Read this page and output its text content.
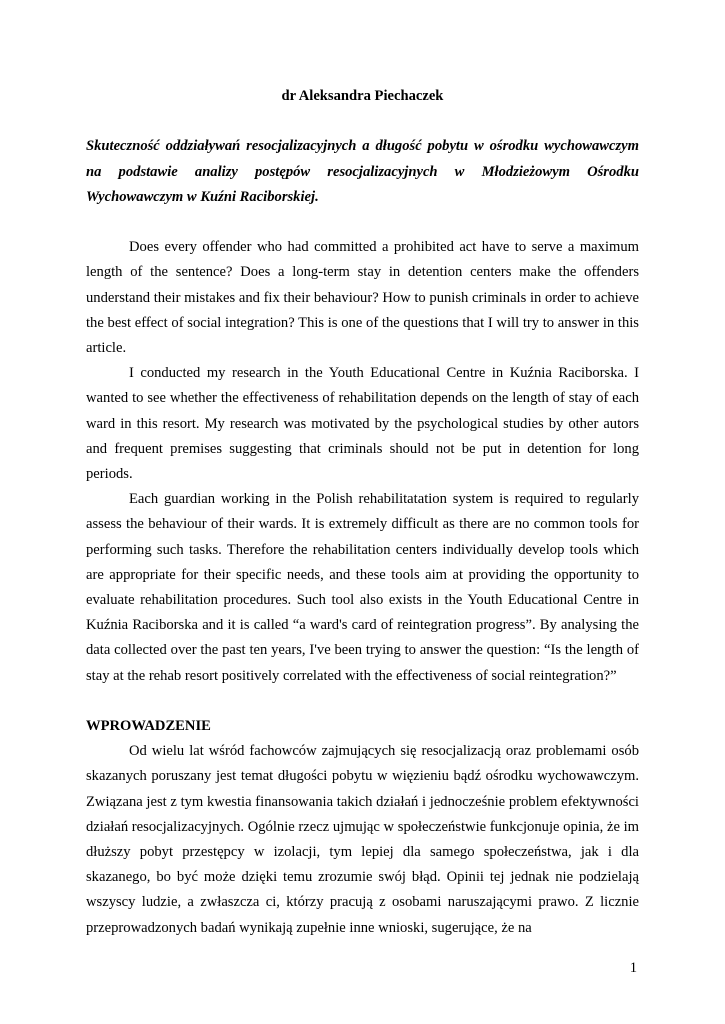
dr Aleksandra Piechaczek

Skuteczność oddziaływań resocjalizacyjnych a długość pobytu w ośrodku wychowawczym na podstawie analizy postępów resocjalizacyjnych w Młodzieżowym Ośrodku Wychowawczym w Kuźni Raciborskiej.

Does every offender who had committed a prohibited act have to serve a maximum length of the sentence? Does a long-term stay in detention centers make the offenders understand their mistakes and fix their behaviour? How to punish criminals in order to achieve the best effect of social integration? This is one of the questions that I will try to answer in this article.

I conducted my research in the Youth Educational Centre in Kuźnia Raciborska. I wanted to see whether the effectiveness of rehabilitation depends on the length of stay of each ward in this resort. My research was motivated by the psychological studies by other autors and frequent premises suggesting that criminals should not be put in detention for long periods.

Each guardian working in the Polish rehabilitatation system is required to regularly assess the behaviour of their wards. It is extremely difficult as there are no common tools for performing such tasks. Therefore the rehabilitation centers individually develop tools which are appropriate for their specific needs, and these tools aim at providing the opportunity to evaluate rehabilitation procedures. Such tool also exists in the Youth Educational Centre in Kuźnia Raciborska and it is called “a ward's card of reintegration progress”. By analysing the data collected over the past ten years, I've been trying to answer the question: “Is the length of stay at the rehab resort positively correlated with the effectiveness of social reintegration?”

WPROWADZENIE

Od wielu lat wśród fachowców zajmujących się resocjalizacją oraz problemami osób skazanych poruszany jest temat długości pobytu w więzieniu bądź ośrodku wychowawczym. Związana jest z tym kwestia finansowania takich działań i jednocześnie problem efektywności działań resocjalizacyjnych. Ogólnie rzecz ujmując w społeczeństwie funkcjonuje opinia, że im dłuższy pobyt przestępcy w izolacji, tym lepiej dla samego społeczeństwa, jak i dla skazanego, bo być może dzięki temu zrozumie swój błąd. Opinii tej jednak nie podzielają wszyscy ludzie, a zwłaszcza ci, którzy pracują z osobami naruszającymi prawo. Z licznie przeprowadzonych badań wynikają zupełnie inne wnioski, sugerujące, że na

1
